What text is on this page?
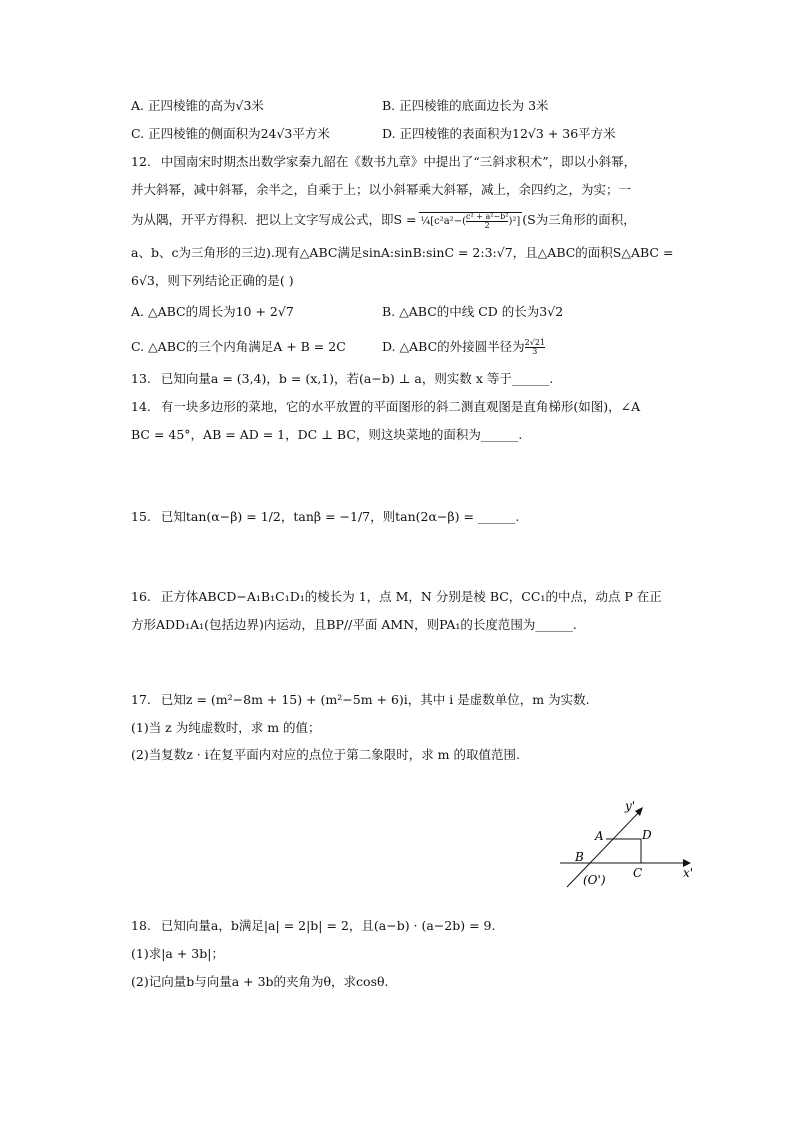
A. 正四棱锥的高为√3米	B. 正四棱锥的底面边长为 3米
C. 正四棱锥的侧面积为24√3平方米	D. 正四棱锥的表面积为12√3 + 36平方米
12. 中国南宋时期杰出数学家秦九韶在《数书九章》中提出了“三斜求积术”，即以小斜幂，
并大斜幂，减中斜幂，余半之，自乘于上；以小斜幂乘大斜幂，减上，余四约之，为实；一
为从隅，开平方得积．把以上文字写成公式，即S = ¼[c²a²−( $\frac{\text{c² + a²−b²}}{2} )^2$] (S为三角形的面积，
a、b、c为三角形的三边).现有△ABC满足sinA:sinB:sinC = 2:3:√7，且△ABC的面积S△ABC =
6√3，则下列结论正确的是( )
A. △ABC的周长为10 + 2√7	B. △ABC的中线 CD 的长为3√2
C. △ABC的三个内角满足A + B = 2C	D. △ABC的外接圆半径为 $\frac{2√21}{3}$
13. 已知向量a = (3,4)，b = (x,1)，若(a−b) ⊥ a，则实数 x 等于______.
14. 有一块多边形的菜地，它的水平放置的平面图形的斜二测直观图是直角梯形(如图)，∠A
BC = 45°，AB = AD = 1，DC ⊥ BC，则这块菜地的面积为______.
15. 已知tan(α−β) = 1/2，tanβ = −1/7，则tan(2α−β) = ______.
16. 正方体ABCD−A₁B₁C₁D₁的棱长为 1，点 M，N 分别是棱 BC，CC₁的中点，动点 P 在正
方形ADD₁A₁(包括边界)内运动，且BP//平面 AMN，则PA₁的长度范围为______.
17. 已知z = (m²−8m + 15) + (m²−5m + 6)i，其中 i 是虚数单位，m 为实数.
(1)当 z 为纯虚数时，求 m 的值；
(2)当复数z · i在复平面内对应的点位于第二象限时，求 m 的取值范围.
y'
A	D
B
C	x'
(O')
18. 已知向量a，b满足|a| = 2|b| = 2，且(a−b) · (a−2b) = 9.
(1)求|a + 3b|；
(2)记向量b与向量a + 3b的夹角为θ，求cosθ.
